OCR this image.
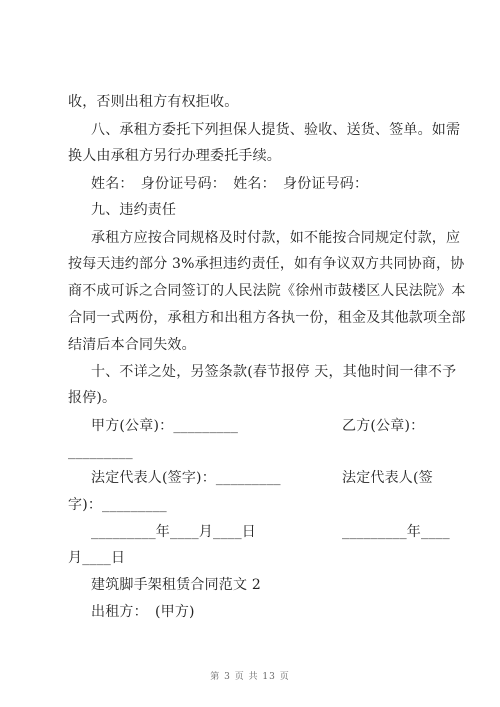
收，否则出租方有权拒收。
八、承租方委托下列担保人提货、验收、送货、签单。如需
换人由承租方另行办理委托手续。
姓名：　身份证号码：　姓名：　身份证号码：
九、违约责任
承租方应按合同规格及时付款，如不能按合同规定付款，应
按每天违约部分 3%承担违约责任，如有争议双方共同协商，协
商不成可诉之合同签订的人民法院《徐州市鼓楼区人民法院》本
合同一式两份，承租方和出租方各执一份，租金及其他款项全部
结清后本合同失效。
十、不详之处，另签条款(春节报停 天，其他时间一律不予
报停)。
甲方(公章)：_________	乙方(公章)：
_________
法定代表人(签字)：_________	法定代表人(签
字)：_________
_________年____月____日	_________年____
月____日
建筑脚手架租赁合同范文 2
出租方：　(甲方)
第 3 页 共 13 页
